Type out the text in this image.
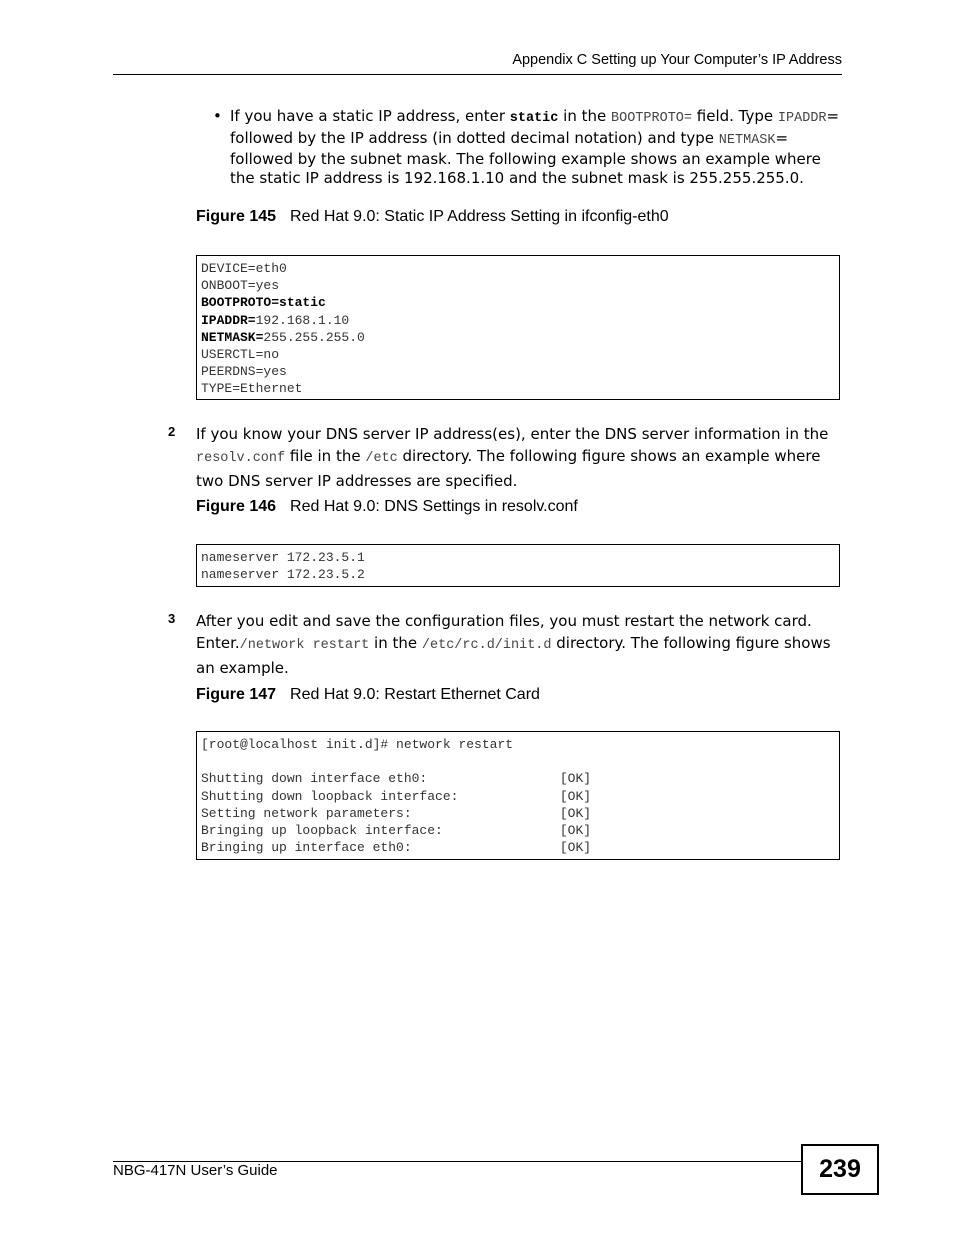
Appendix C Setting up Your Computer’s IP Address
• If you have a static IP address, enter static in the BOOTPROTO= field. Type IPADDR= followed by the IP address (in dotted decimal notation) and type NETMASK= followed by the subnet mask. The following example shows an example where the static IP address is 192.168.1.10 and the subnet mask is 255.255.255.0.
Figure 145 Red Hat 9.0: Static IP Address Setting in ifconfig-eth0
DEVICE=eth0
ONBOOT=yes
BOOTPROTO=static
IPADDR=192.168.1.10
NETMASK=255.255.255.0
USERCTL=no
PEERDNS=yes
TYPE=Ethernet
2 If you know your DNS server IP address(es), enter the DNS server information in the resolv.conf file in the /etc directory. The following figure shows an example where two DNS server IP addresses are specified.
Figure 146 Red Hat 9.0: DNS Settings in resolv.conf
nameserver 172.23.5.1
nameserver 172.23.5.2
3 After you edit and save the configuration files, you must restart the network card. Enter./network restart in the /etc/rc.d/init.d directory. The following figure shows an example.
Figure 147 Red Hat 9.0: Restart Ethernet Card
[root@localhost init.d]# network restart
Shutting down interface eth0:                 [OK]
Shutting down loopback interface:             [OK]
Setting network parameters:                   [OK]
Bringing up loopback interface:               [OK]
Bringing up interface eth0:                   [OK]
NBG-417N User’s Guide	239
